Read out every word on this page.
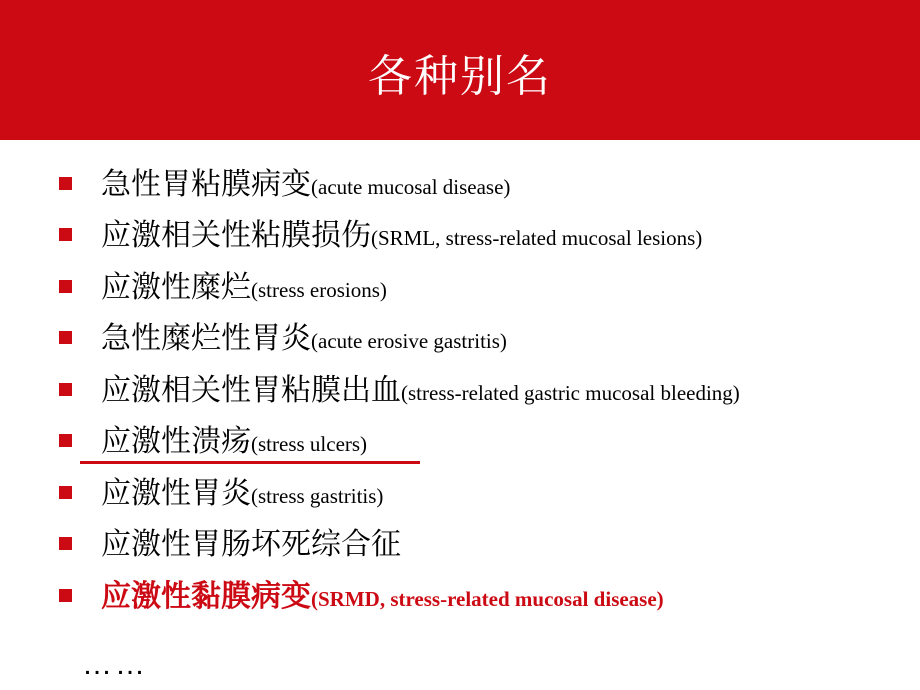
各种别名
急性胃粘膜病变 (acute mucosal disease)
应激相关性粘膜损伤 (SRML, stress-related mucosal lesions)
应激性糜烂 (stress erosions)
急性糜烂性胃炎 (acute erosive gastritis)
应激相关性胃粘膜出血 (stress-related gastric mucosal bleeding)
应激性溃疡 (stress ulcers)
应激性胃炎 (stress gastritis)
应激性胃肠坏死综合征
应激性黏膜病变 (SRMD, stress-related mucosal disease)
……
